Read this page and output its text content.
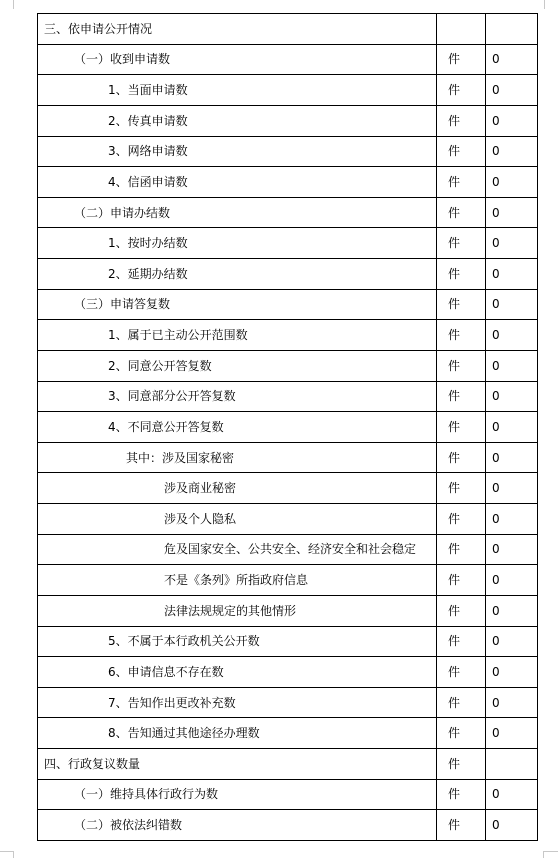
三、依申请公开情况		
（一）收到申请数	件	0
1、当面申请数	件	0
2、传真申请数	件	0
3、网络申请数	件	0
4、信函申请数	件	0
（二）申请办结数	件	0
1、按时办结数	件	0
2、延期办结数	件	0
（三）申请答复数	件	0
1、属于已主动公开范围数	件	0
2、同意公开答复数	件	0
3、同意部分公开答复数	件	0
4、不同意公开答复数	件	0
其中：涉及国家秘密	件	0
涉及商业秘密	件	0
涉及个人隐私	件	0
危及国家安全、公共安全、经济安全和社会稳定	件	0
不是《条列》所指政府信息	件	0
法律法规规定的其他情形	件	0
5、不属于本行政机关公开数	件	0
6、申请信息不存在数	件	0
7、告知作出更改补充数	件	0
8、告知通过其他途径办理数	件	0
四、行政复议数量	件	
（一）维持具体行政行为数	件	0
（二）被依法纠错数	件	0
